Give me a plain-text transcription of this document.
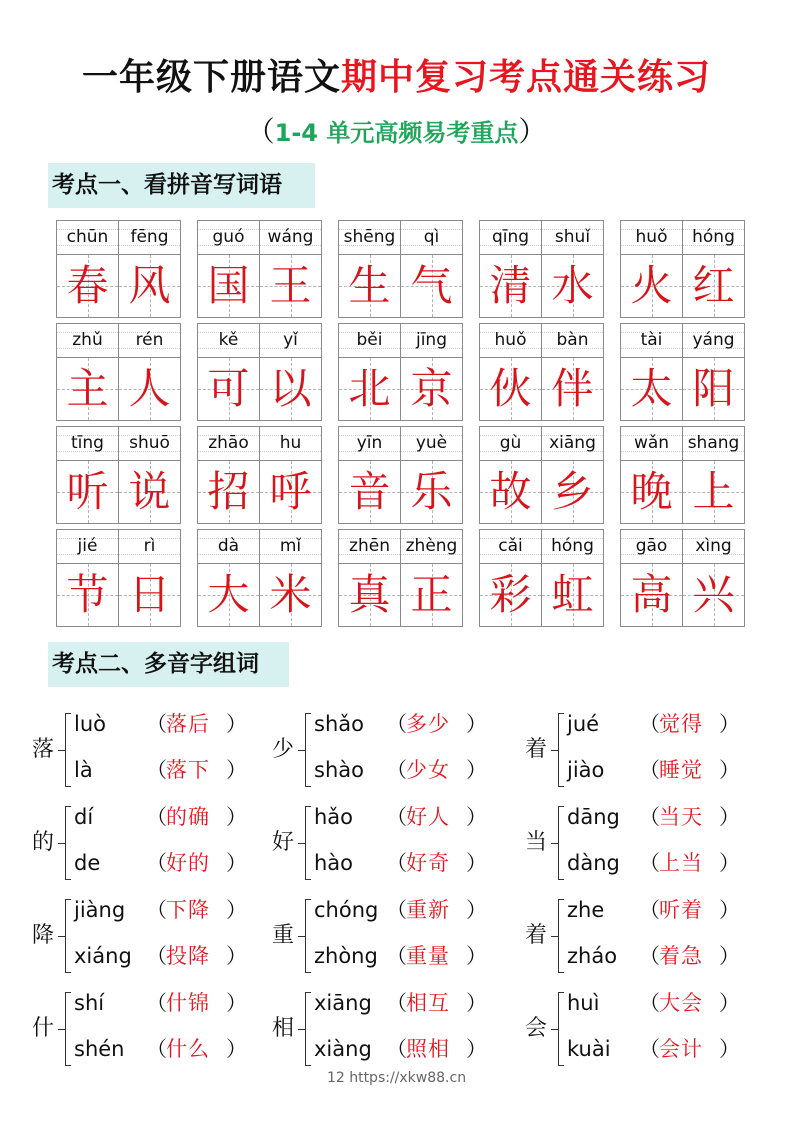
一年级下册语文期中复习考点通关练习
（1-4 单元高频易考重点）
考点一、看拼音写词语
chūn	fēng
春 风
guó	wáng
国 王
shēng	qì
生 气
qīng	shuǐ
清 水
huǒ	hóng
火 红
zhǔ	rén
主 人
kě	yǐ
可 以
běi	jīng
北 京
huǒ	bàn
伙 伴
tài	yáng
太 阳
tīng	shuō
听 说
zhāo	hu
招 呼
yīn	yuè
音 乐
gù	xiāng
故 乡
wǎn	shang
晚 上
jié	rì
节 日
dà	mǐ
大 米
zhēn zhèng
真 正
cǎi	hóng
彩 虹
gāo	xìng
高 兴
考点二、多音字组词
落
luò （ 落后 ）
là	（ 落下 ）
少
shǎo （ 多少 ）
shào （ 少女 ）
着
jué （ 觉得 ）
jiào （ 睡觉 ）
的
dí	（ 的确 ）
de （ 好的 ）
好
hǎo （ 好人 ）
hào （ 好奇 ）
当
dāng （ 当天 ）
dàng （ 上当 ）
降
jiàng （ 下降 ）
xiáng （ 投降 ）
重
chóng （ 重新 ）
zhòng （ 重量 ）
着
zhe （ 听着 ）
zháo （ 着急 ）
什
shí （ 什锦 ）
shén （ 什么 ）
相
xiāng （ 相互 ）
xiàng （ 照相 ）
会
huì （ 大会 ）
kuài （ 会计 ）
12 https://xkw88.cn
